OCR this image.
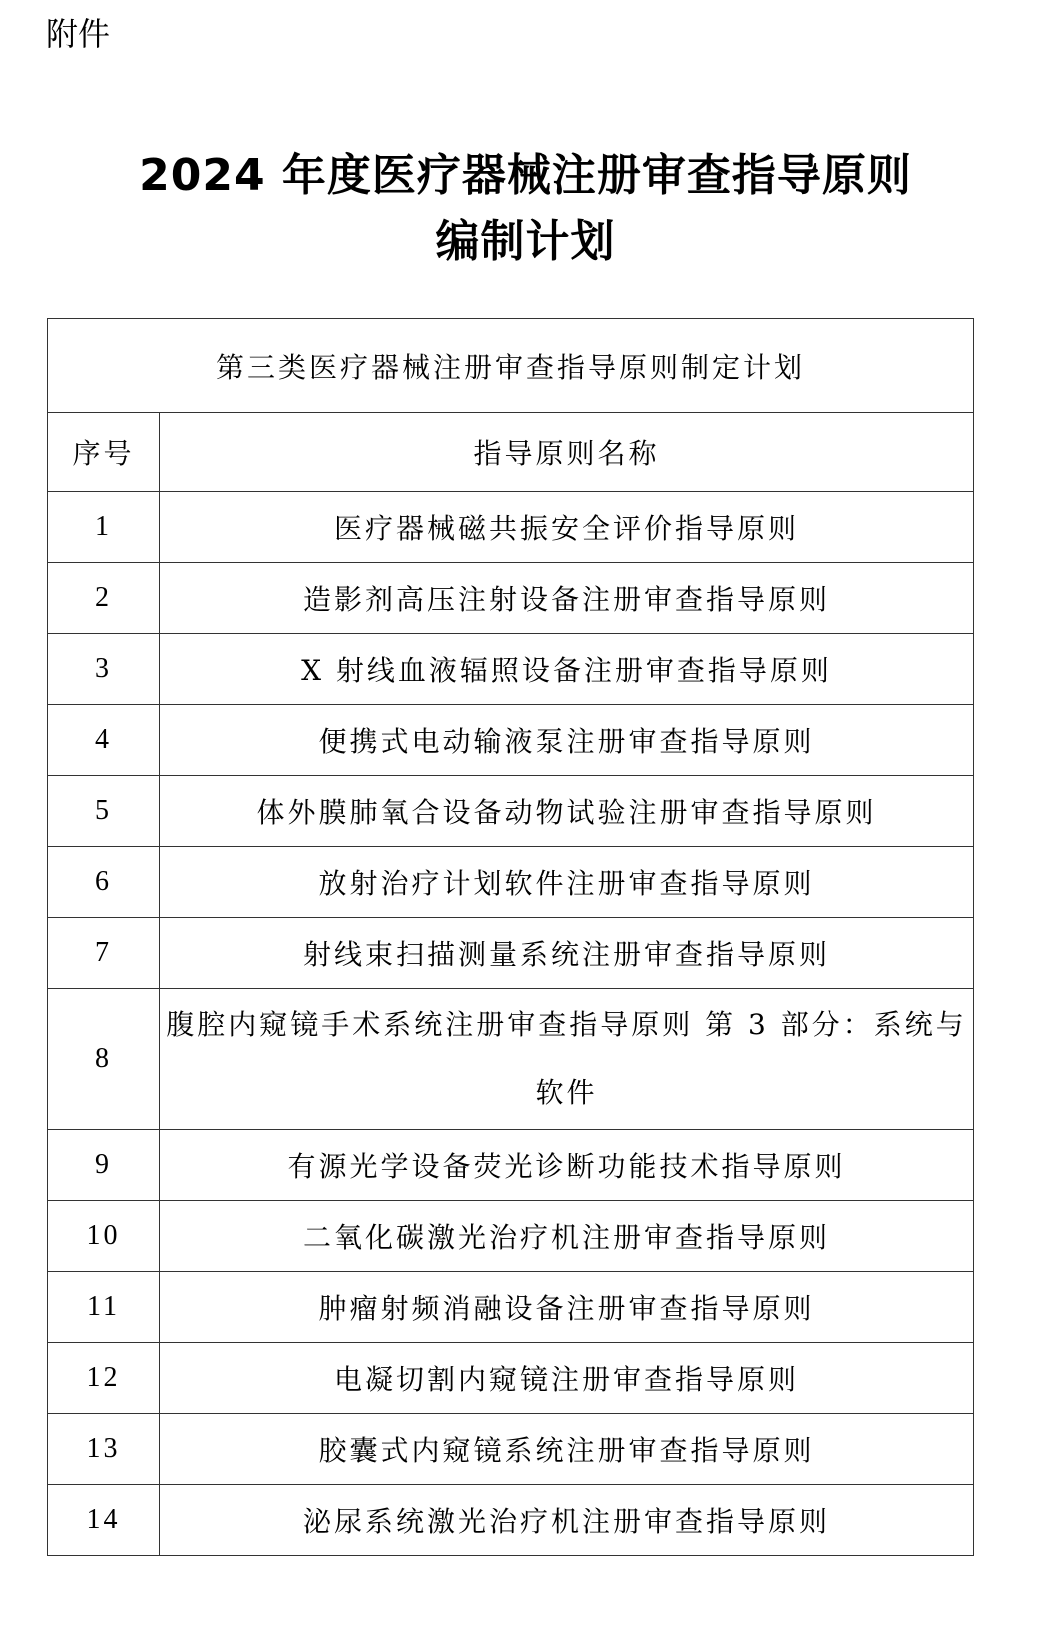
附件
2024 年度医疗器械注册审查指导原则
编制计划
第三类医疗器械注册审查指导原则制定计划	
序号	指导原则名称
1	医疗器械磁共振安全评价指导原则
2	造影剂高压注射设备注册审查指导原则
3	X 射线血液辐照设备注册审查指导原则
4	便携式电动输液泵注册审查指导原则
5	体外膜肺氧合设备动物试验注册审查指导原则
6	放射治疗计划软件注册审查指导原则
7	射线束扫描测量系统注册审查指导原则
8	腹腔内窥镜手术系统注册审查指导原则 第 3 部分：系统与软件
9	有源光学设备荧光诊断功能技术指导原则
10	二氧化碳激光治疗机注册审查指导原则
11	肿瘤射频消融设备注册审查指导原则
12	电凝切割内窥镜注册审查指导原则
13	胶囊式内窥镜系统注册审查指导原则
14	泌尿系统激光治疗机注册审查指导原则
